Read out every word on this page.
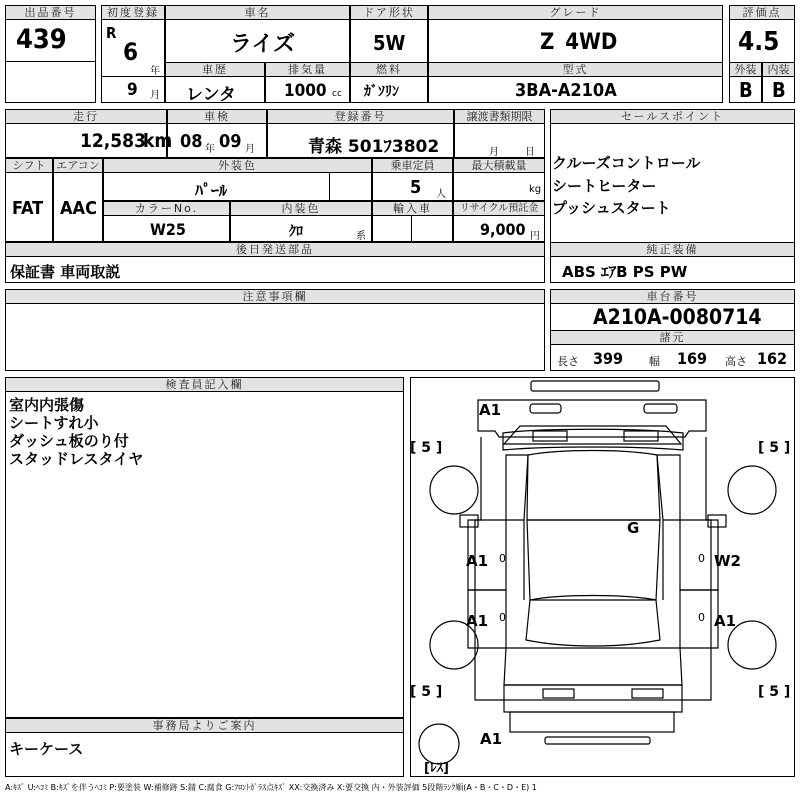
出品番号
439
初度登録
R
6
年
9 月
車名
ライズ
ドア形状
5W
グレード
Z 4WD
評価点
4.5
車歴
レンタ
排気量
1000 cc
燃料
ｶﾞｿﾘﾝ
型式
3BA-A210A
外装	内装
B B
走行
12,583
km
車検
08 年 09 月
登録番号
青森 501ﾌ3802
譲渡書類期限
月	日
セールスポイント
クルーズコントロール
シートヒーター
プッシュスタート
シフト エアコン
FAT AAC
外装色
ﾊﾟｰﾙ
乗車定員
5 人
最大積載量
kg
カラーNo.
W25
内装色
ｸﾛ	系
輸入車	リサイクル預託金
9,000 円
後日発送部品
保証書 車両取説
純正装備
ABS ｴｱB PS PW
注意事項欄	車台番号
A210A-0080714
諸元
長さ 399 幅 169 高さ 162
検査員記入欄
室内内張傷
シートすれ小
ダッシュ板のり付
スタッドレスタイヤ
事務局よりご案内
キーケース
A1
G
A1 0
A1 0
W2
0
A1
0
A1
[ 5 ]	[ 5 ]
[ 5 ]	[ 5 ]
[ﾚｽ]
A:ｷｽﾞ U:ﾍｺﾐ B:ｷｽﾞを伴うﾍｺﾐ P:要塗装 W:補修跡 S:錆 C:腐食 G:ﾌﾛﾝﾄｶﾞﾗｽ点ｷｽﾞ XX:交換済み X:要交換 内・外装評価 5段階ﾗﾝｸ順(A・B・C・D・E) 1
